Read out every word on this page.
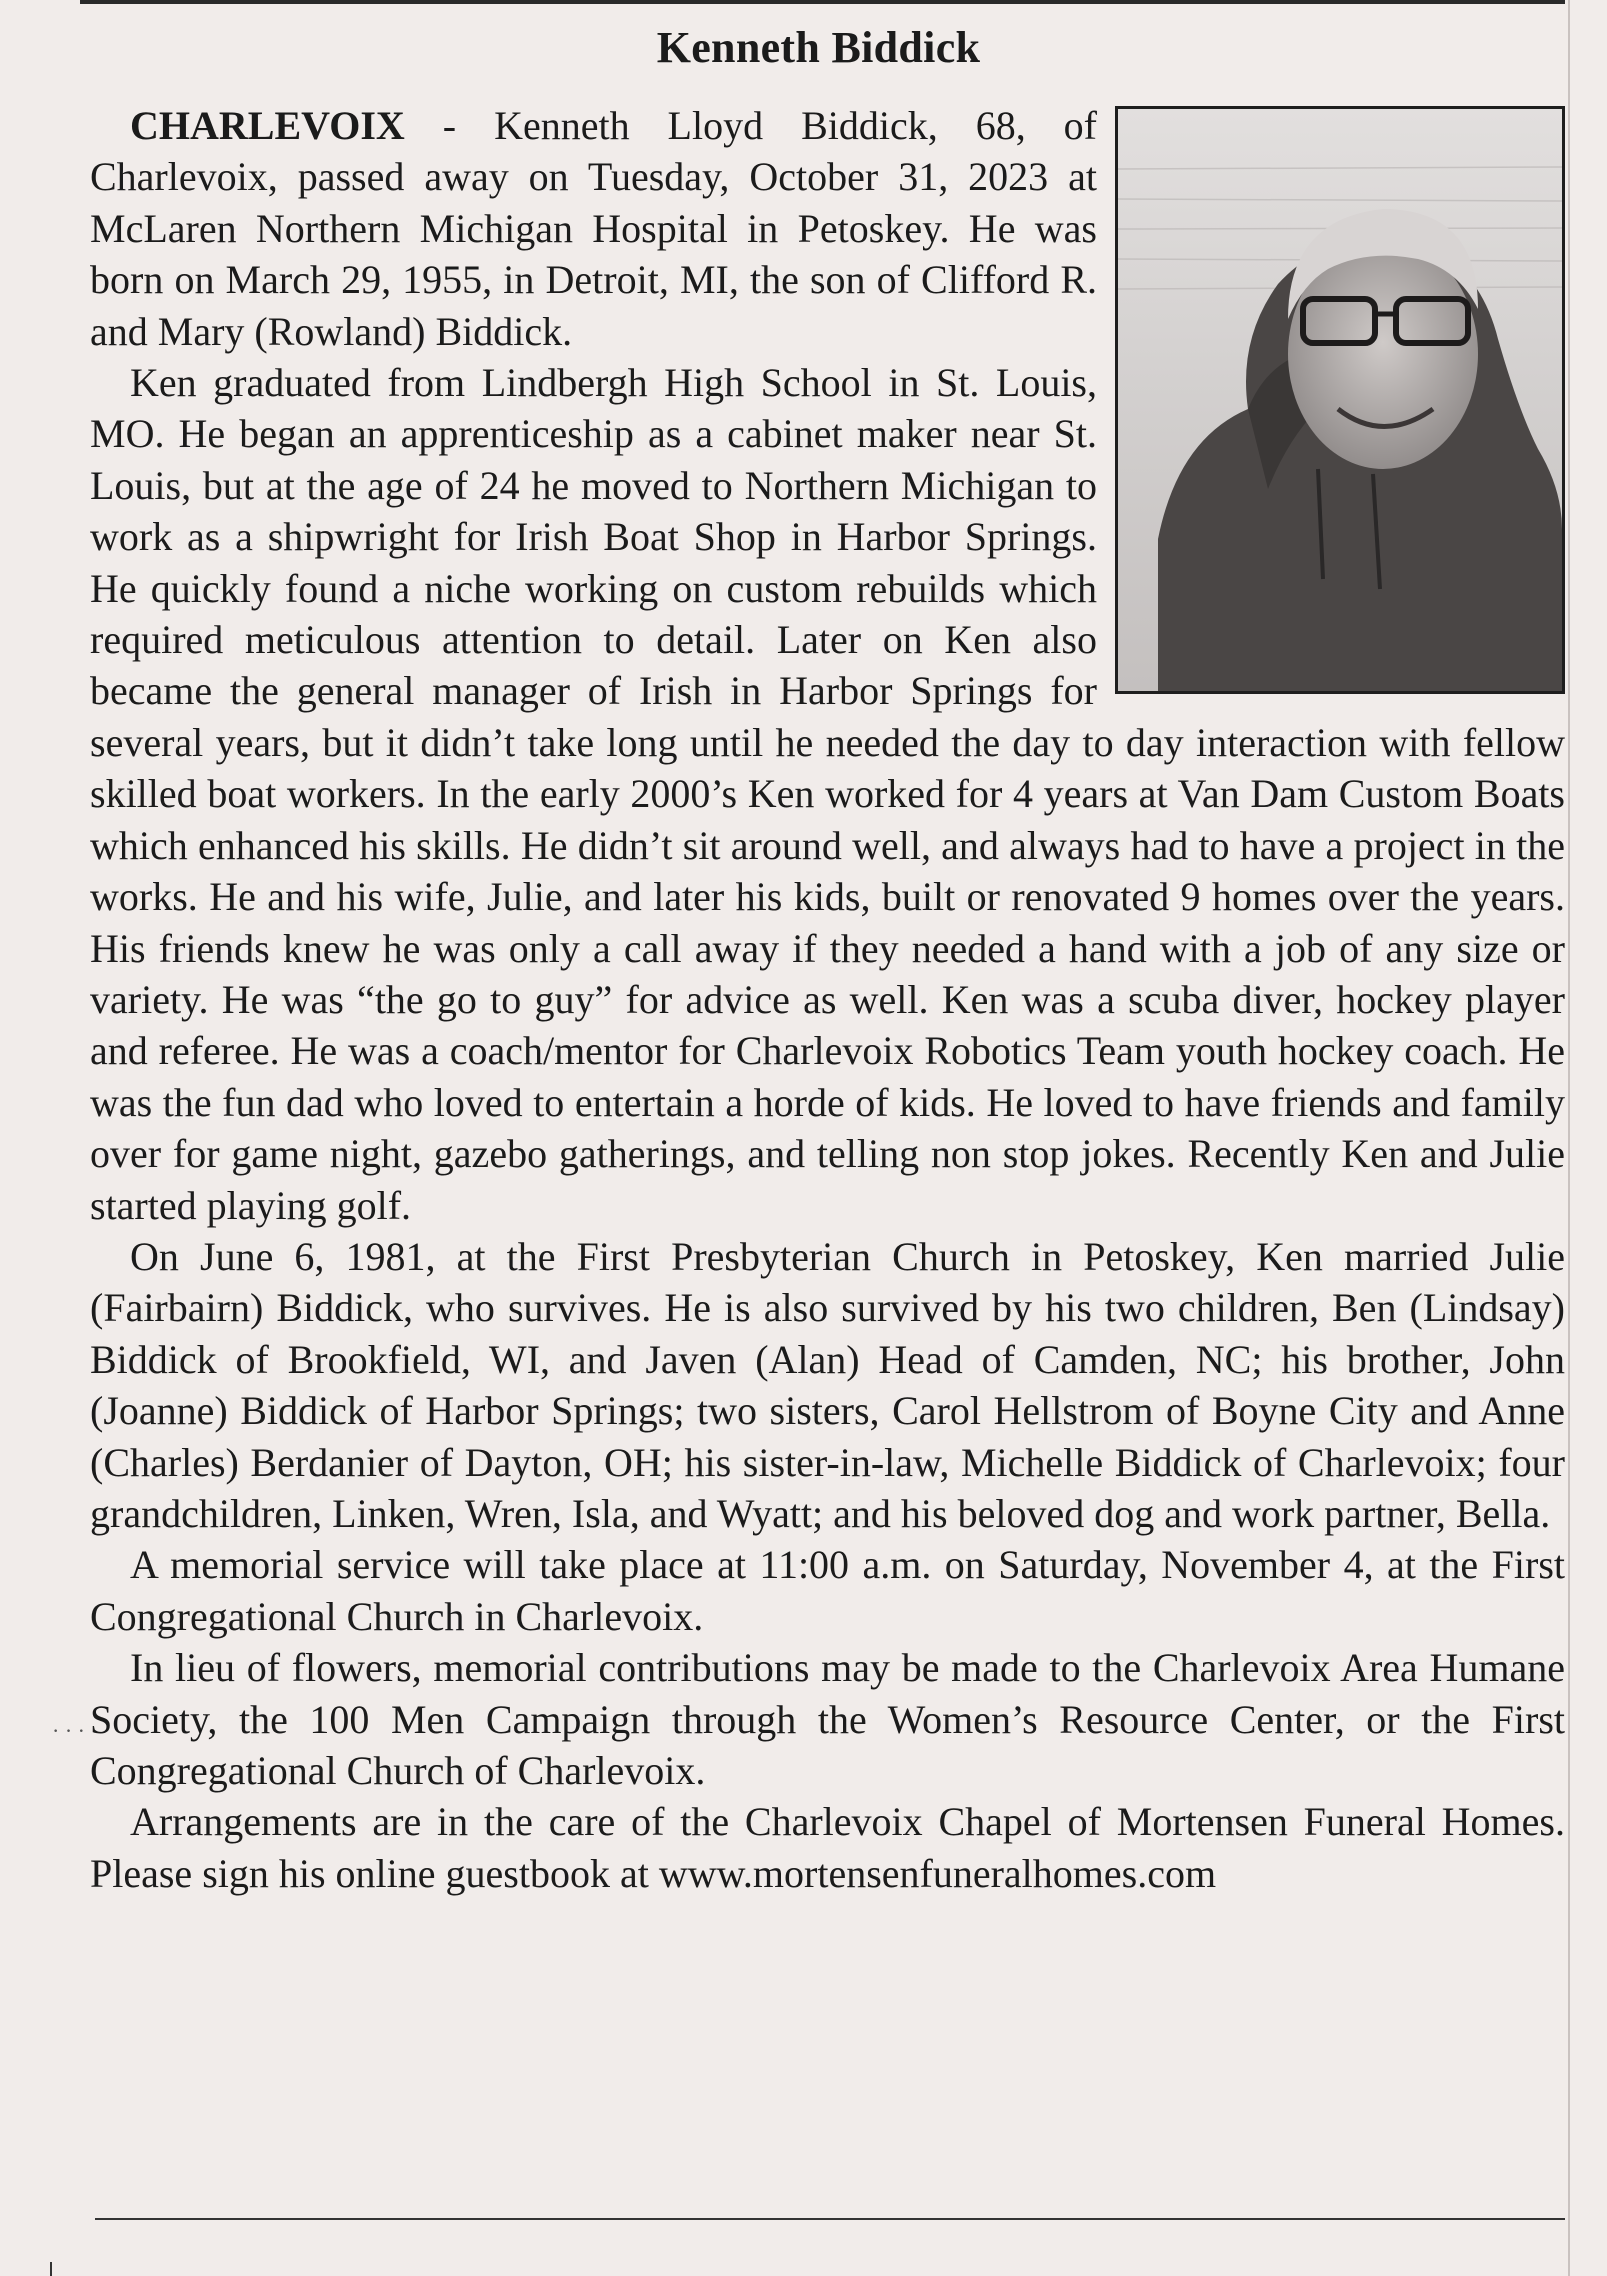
Kenneth Biddick

CHARLEVOIX - Kenneth Lloyd Biddick, 68, of Charlevoix, passed away on Tuesday, October 31, 2023 at McLaren Northern Michigan Hospital in Petoskey. He was born on March 29, 1955, in Detroit, MI, the son of Clifford R. and Mary (Rowland) Biddick.

Ken graduated from Lindbergh High School in St. Louis, MO. He began an apprenticeship as a cabinet maker near St. Louis, but at the age of 24 he moved to Northern Michigan to work as a shipwright for Irish Boat Shop in Harbor Springs. He quickly found a niche working on custom rebuilds which required meticulous attention to detail. Later on Ken also became the general manager of Irish in Harbor Springs for several years, but it didn’t take long until he needed the day to day interaction with fellow skilled boat workers. In the early 2000’s Ken worked for 4 years at Van Dam Custom Boats which enhanced his skills. He didn’t sit around well, and always had to have a project in the works. He and his wife, Julie, and later his kids, built or renovated 9 homes over the years. His friends knew he was only a call away if they needed a hand with a job of any size or variety. He was “the go to guy” for advice as well. Ken was a scuba diver, hockey player and referee. He was a coach/mentor for Charlevoix Robotics Team youth hockey coach. He was the fun dad who loved to entertain a horde of kids. He loved to have friends and family over for game night, gazebo gatherings, and telling non stop jokes. Recently Ken and Julie started playing golf.

On June 6, 1981, at the First Presbyterian Church in Petoskey, Ken married Julie (Fairbairn) Biddick, who survives. He is also survived by his two children, Ben (Lindsay) Biddick of Brookfield, WI, and Javen (Alan) Head of Camden, NC; his brother, John (Joanne) Biddick of Harbor Springs; two sisters, Carol Hellstrom of Boyne City and Anne (Charles) Berdanier of Dayton, OH; his sister-in-law, Michelle Biddick of Charlevoix; four grandchildren, Linken, Wren, Isla, and Wyatt; and his beloved dog and work partner, Bella.

A memorial service will take place at 11:00 a.m. on Saturday, November 4, at the First Congregational Church in Charlevoix.

In lieu of flowers, memorial contributions may be made to the Charlevoix Area Humane Society, the 100 Men Campaign through the Women’s Resource Center, or the First Congregational Church of Charlevoix.

Arrangements are in the care of the Charlevoix Chapel of Mortensen Funeral Homes. Please sign his online guestbook at www.mortensenfuneralhomes.com

· · ·
